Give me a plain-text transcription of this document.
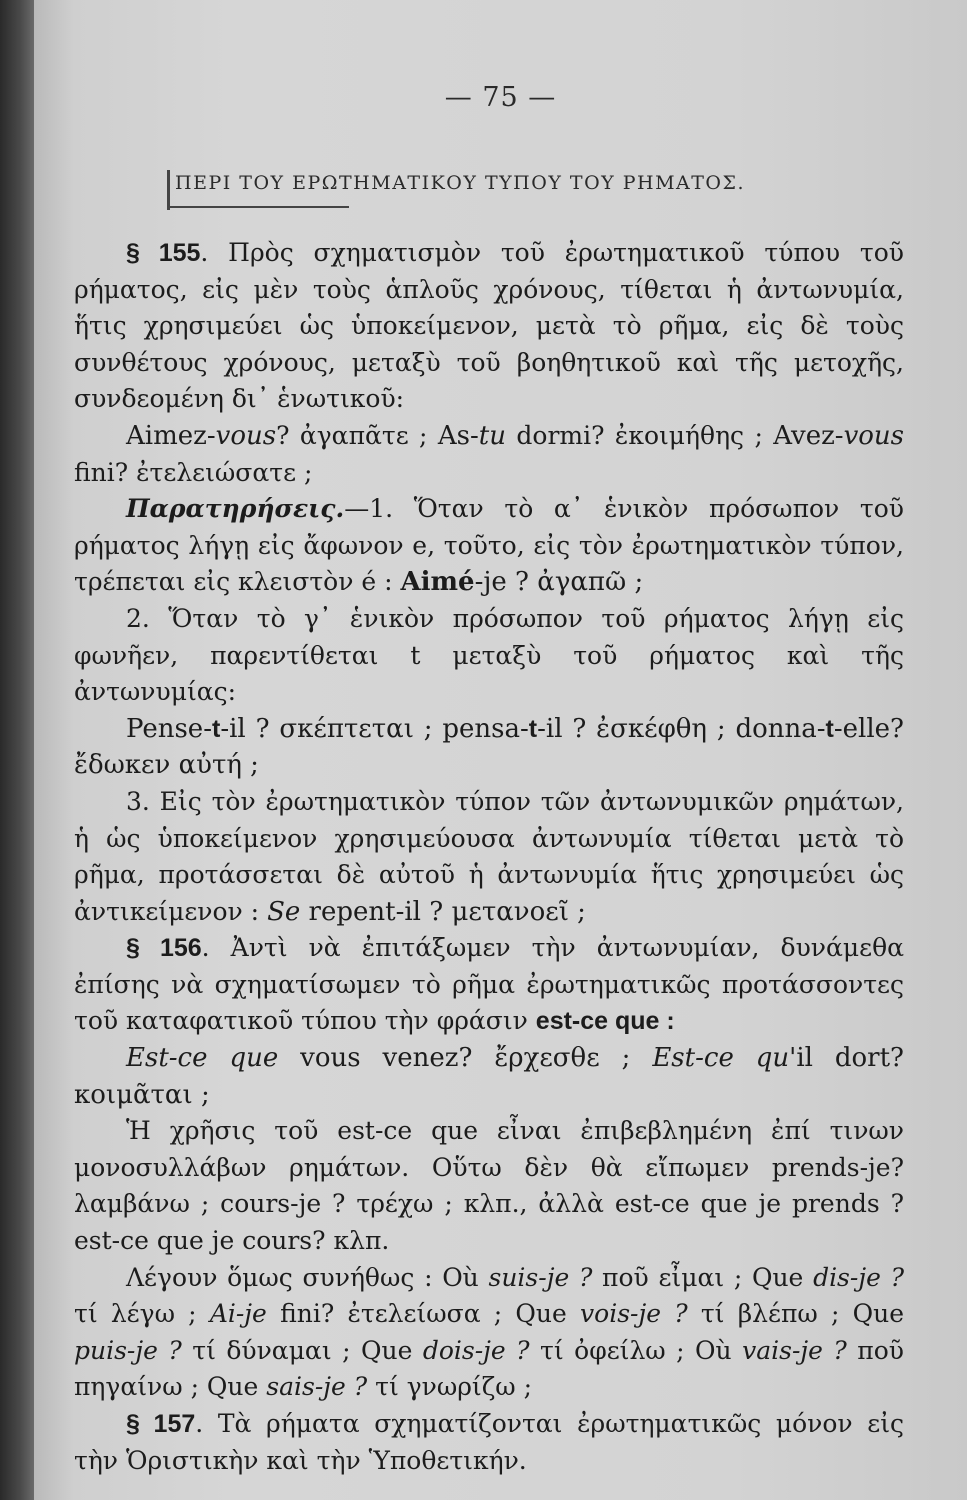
— 75 —
ΠΕΡΙ ΤΟΥ ΕΡΩΤΗΜΑΤΙΚΟΥ ΤΥΠΟΥ ΤΟΥ ΡΗΜΑΤΟΣ.

§ 155. Πρὸς σχηματισμὸν τοῦ ἐρωτηματικοῦ τύπου τοῦ ρήματος, εἰς μὲν τοὺς ἁπλοῦς χρόνους, τίθεται ἡ ἀντωνυμία, ἥτις χρησιμεύει ὡς ὑποκείμενον, μετὰ τὸ ρῆμα, εἰς δὲ τοὺς συνθέτους χρόνους, μεταξὺ τοῦ βοηθητικοῦ καὶ τῆς μετοχῆς, συνδεομένη δι᾽ ἑνωτικοῦ:

Aimez-vous? ἀγαπᾶτε ; As-tu dormi? ἐκοιμήθης ; Avez-vous fini? ἐτελειώσατε ;

Παρατηρήσεις.—1. Ὅταν τὸ α᾽ ἑνικὸν πρόσωπον τοῦ ρήματος λήγῃ εἰς ἄφωνον e, τοῦτο, εἰς τὸν ἐρωτηματικὸν τύπον, τρέπεται εἰς κλειστὸν é : Aimé-je ? ἀγαπῶ ;

2. Ὅταν τὸ γ᾽ ἑνικὸν πρόσωπον τοῦ ρήματος λήγῃ εἰς φωνῆεν, παρεντίθεται t μεταξὺ τοῦ ρήματος καὶ τῆς ἀντωνυμίας:

Pense-t-il ? σκέπτεται ; pensa-t-il ? ἐσκέφθη ; donna-t-elle? ἔδωκεν αὐτή ;

3. Εἰς τὸν ἐρωτηματικὸν τύπον τῶν ἀντωνυμικῶν ρημάτων, ἡ ὡς ὑποκείμενον χρησιμεύουσα ἀντωνυμία τίθεται μετὰ τὸ ρῆμα, προτάσσεται δὲ αὐτοῦ ἡ ἀντωνυμία ἥτις χρησιμεύει ὡς ἀντικείμενον : Se repent-il ? μετανοεῖ ;

§ 156. Ἀντὶ νὰ ἐπιτάξωμεν τὴν ἀντωνυμίαν, δυνάμεθα ἐπίσης νὰ σχηματίσωμεν τὸ ρῆμα ἐρωτηματικῶς προτάσσοντες τοῦ καταφατικοῦ τύπου τὴν φράσιν est-ce que :

Est-ce que vous venez? ἔρχεσθε ; Est-ce qu'il dort? κοιμᾶται ;

Ἡ χρῆσις τοῦ est-ce que εἶναι ἐπιβεβλημένη ἐπί τινων μονοσυλλάβων ρημάτων. Οὕτω δὲν θὰ εἴπωμεν prends-je? λαμβάνω ; cours-je ? τρέχω ; κλπ., ἀλλὰ est-ce que je prends ? est-ce que je cours? κλπ.

Λέγουν ὅμως συνήθως : Où suis-je ? ποῦ εἶμαι ; Que dis-je ? τί λέγω ; Ai-je fini? ἐτελείωσα ; Que vois-je ? τί βλέπω ; Que puis-je ? τί δύναμαι ; Que dois-je ? τί ὀφείλω ; Où vais-je ? ποῦ πηγαίνω ; Que sais-je ? τί γνωρίζω ;

§ 157. Τὰ ρήματα σχηματίζονται ἐρωτηματικῶς μόνον εἰς τὴν Ὁριστικὴν καὶ τὴν Ὑποθετικήν.
